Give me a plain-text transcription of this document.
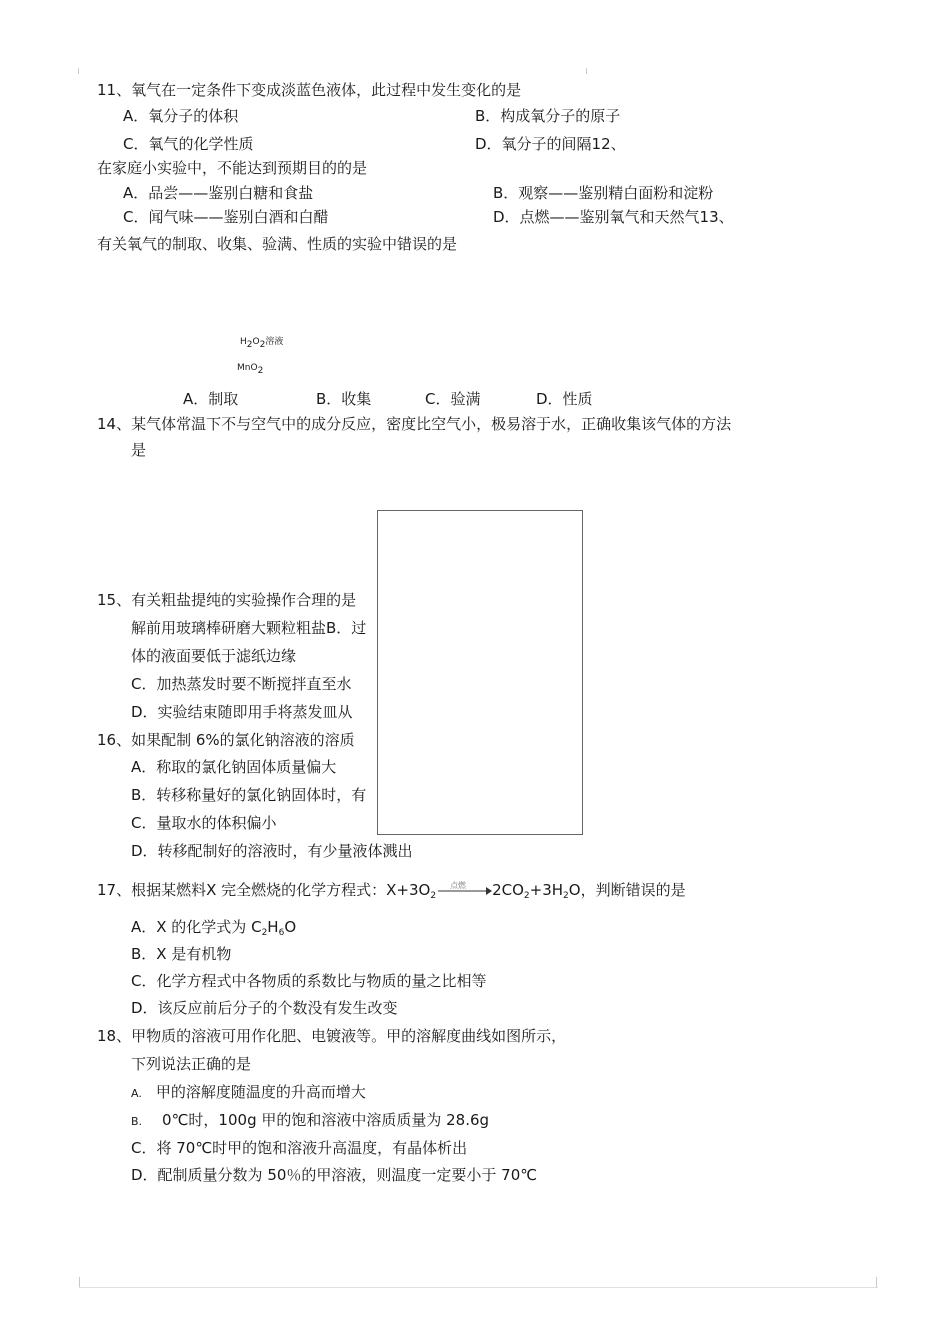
11、氧气在一定条件下变成淡蓝色液体，此过程中发生变化的是
A．氧分子的体积	B．构成氧分子的原子
C．氧气的化学性质	D．氧分子的间隔12、
在家庭小实验中，不能达到预期目的的是
A．品尝——鉴别白糖和食盐	B．观察——鉴别精白面粉和淀粉
C．闻气味——鉴别白酒和白醋	D．点燃——鉴别氧气和天然气13、
有关氧气的制取、收集、验满、性质的实验中错误的是
$H_2O_2$溶液
MnO$_2$
A．制取	B．收集	C．验满	D．性质
14、某气体常温下不与空气中的成分反应，密度比空气小，极易溶于水，正确收集该气体的方法
是
15、有关粗盐提纯的实验操作合理的是
解前用玻璃棒研磨大颗粒粗盐B．过
体的液面要低于滤纸边缘
C．加热蒸发时要不断搅拌直至水
D．实验结束随即用手将蒸发皿从
16、如果配制 6%的氯化钠溶液的溶质
A．称取的氯化钠固体质量偏大
B．转移称量好的氯化钠固体时，有
C．量取水的体积偏小
D．转移配制好的溶液时，有少量液体溅出
17、根据某燃料X 完全燃烧的化学方程式：$X+3O_2$
点燃 $2CO_2+3H_2O$，判断错误的是
A．X 的化学式为 $C_2H_6O$
B．X 是有机物
C．化学方程式中各物质的系数比与物质的量之比相等
D．该反应前后分子的个数没有发生改变
18、甲物质的溶液可用作化肥、电镀液等。甲的溶解度曲线如图所示，
下列说法正确的是
A. 甲的溶解度随温度的升高而增大
B. 0℃时，100g 甲的饱和溶液中溶质质量为 28.6g
C．将 70℃时甲的饱和溶液升高温度，有晶体析出
D．配制质量分数为 50％的甲溶液，则温度一定要小于 70℃
